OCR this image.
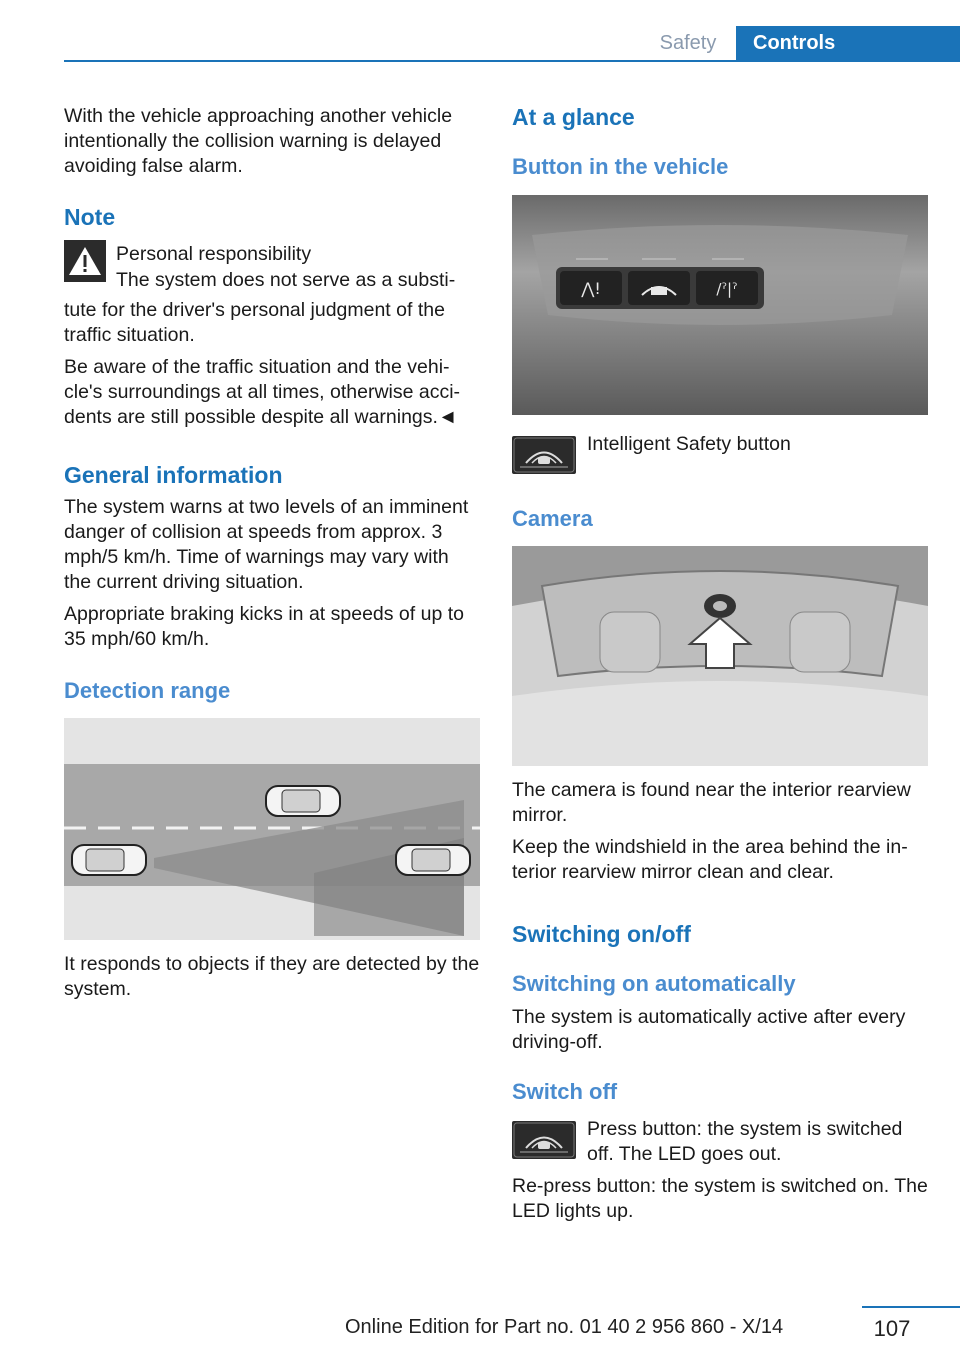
Safety	Controls
With the vehicle approaching another vehicle intentionally the collision warning is delayed avoiding false alarm.
Note
Personal responsibility
The system does not serve as a substi-
tute for the driver's personal judgment of the traffic situation.
Be aware of the traffic situation and the vehi-cle's surroundings at all times, otherwise acci-dents are still possible despite all warnings.◄
General information
The system warns at two levels of an imminent danger of collision at speeds from approx. 3 mph/5 km/h. Time of warnings may vary with the current driving situation.
Appropriate braking kicks in at speeds of up to 35 mph/60 km/h.
Detection range
It responds to objects if they are detected by the system.
At a glance
Button in the vehicle
⋀!	/ˀ|ˀ
Intelligent Safety button
Camera
The camera is found near the interior rearview mirror.
Keep the windshield in the area behind the in-terior rearview mirror clean and clear.
Switching on/off
Switching on automatically
The system is automatically active after every driving-off.
Switch off
Press button: the system is switched off. The LED goes out.
Re-press button: the system is switched on. The LED lights up.
107
Online Edition for Part no. 01 40 2 956 860 - X/14
